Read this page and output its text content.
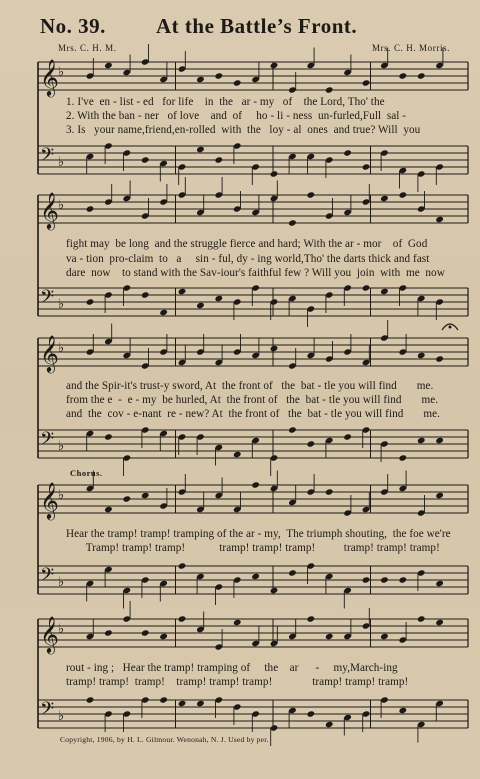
No. 39. At the Battle’s Front.
Mrs. C. H. M.	Mrs. C. H. Morris.
𝄞 ♭
𝄢 ♭
𝄞 ♭
𝄢 ♭
𝄞 ♭
𝄢 ♭
𝄞 ♭
𝄢 ♭
𝄞 ♭
𝄢 ♭
1. I've  en - list - ed   for life    in  the   ar - my   of    the Lord, Tho' the
2. With the ban - ner   of love    and  of     ho - li - ness  un-furled,Full  sal -
3. Is   your name,friend,en-rolled  with  the   loy - al  ones  and true? Will  you
fight may  be long  and the struggle fierce and hard; With the ar - mor    of  God
va - tion  pro-claim  to   a     sin - ful, dy - ing world,Tho' the darts thick and fast
dare  now    to stand with the Sav-iour's faithful few ? Will you  join  with  me  now
and the Spir-it's trust-y sword, At  the front of   the  bat - tle you will find       me.
from the e  -  e - my  be hurled, At  the front of   the  bat - tle you will find       me.
and  the  cov - e-nant  re - new? At  the front of   the  bat - tle you will find       me.
Chorus.
Hear the tramp! tramp! tramping of the ar - my,  The triumph shouting,  the foe we're
Tramp! tramp! tramp!            tramp! tramp! tramp!          tramp! tramp! tramp!
rout - ing ;   Hear the tramp! tramping of     the    ar      -     my,March-ing
tramp! tramp!  tramp!    tramp! tramp! tramp!              tramp! tramp! tramp!
Copyright, 1906, by H. L. Gilmour. Wenonah, N. J. Used by per.
